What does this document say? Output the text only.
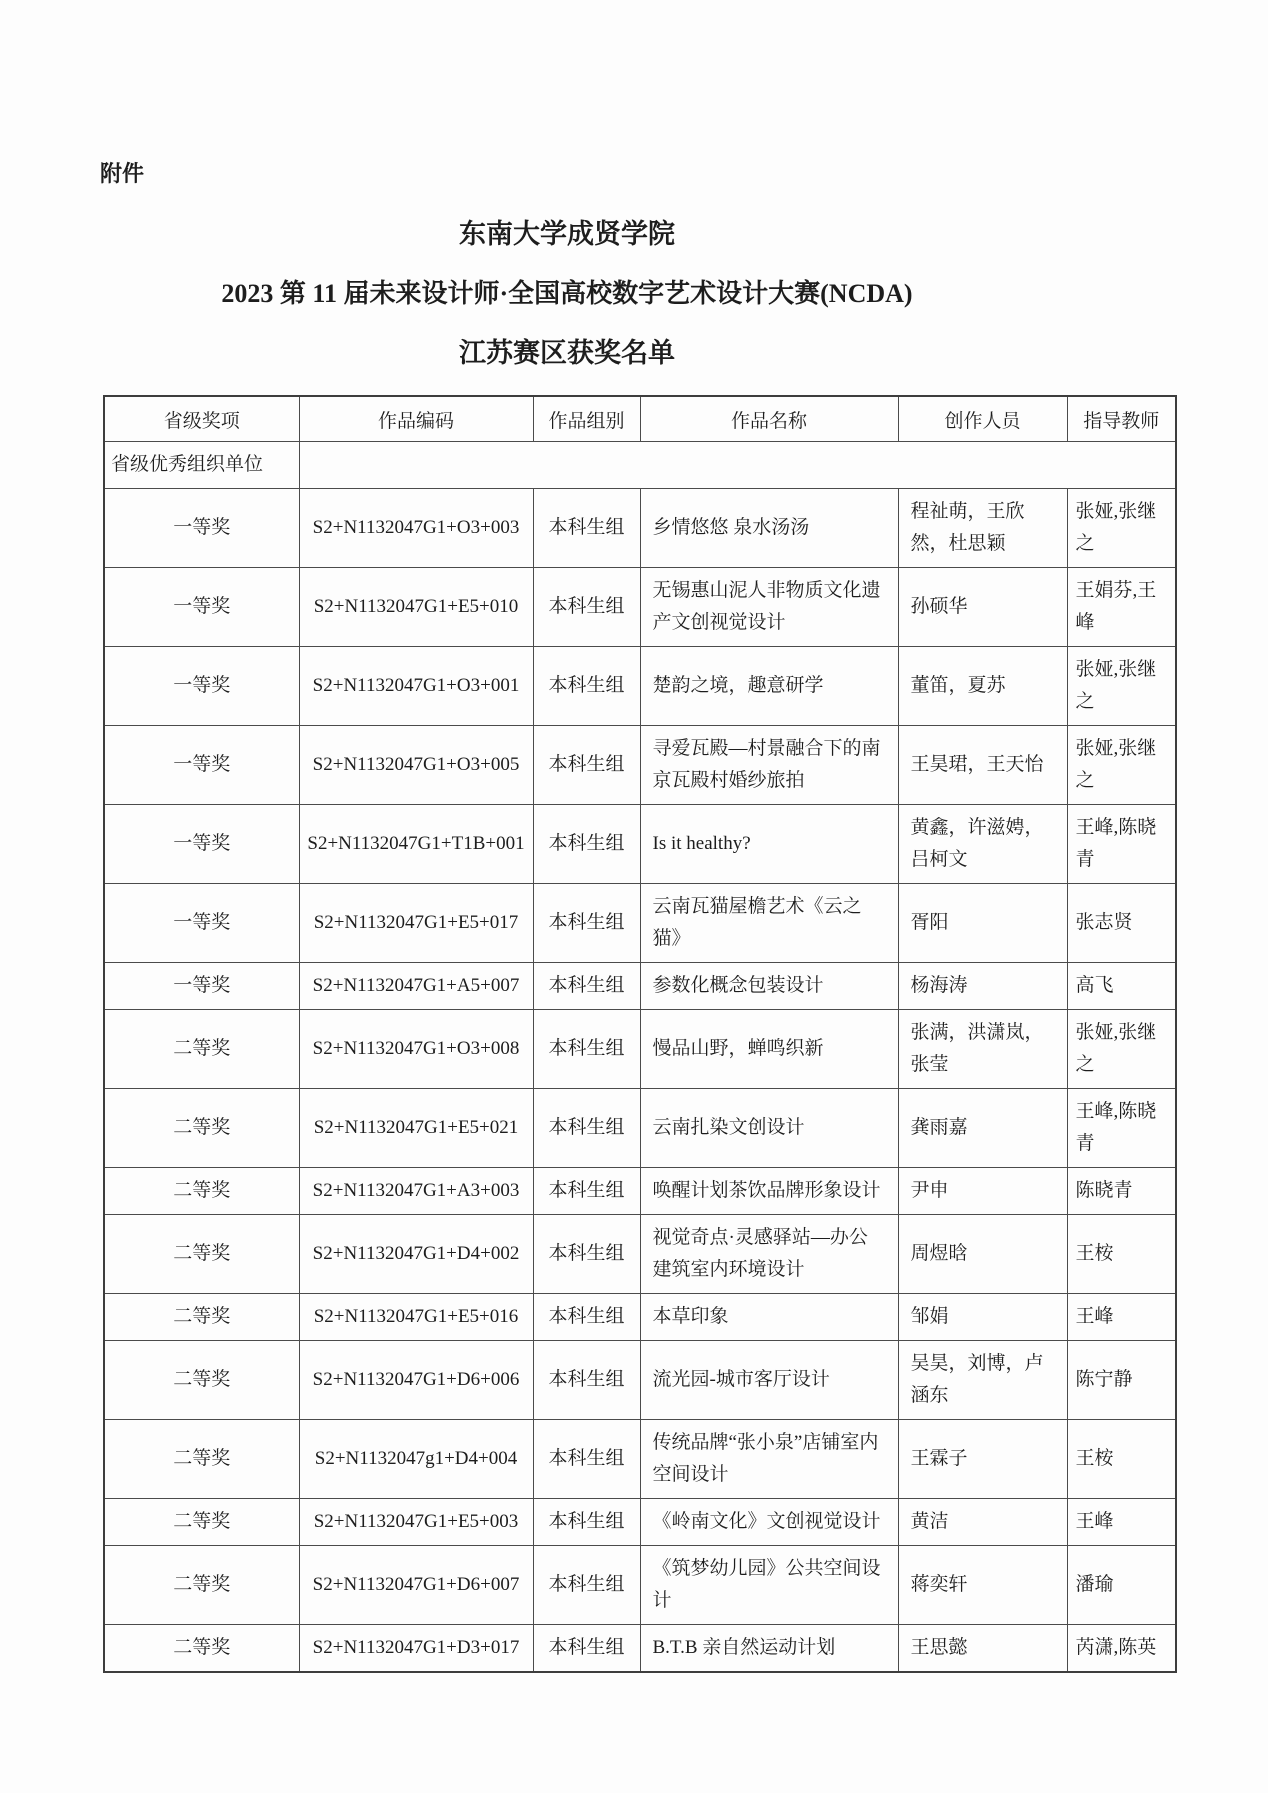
附件
东南大学成贤学院
2023 第 11 届未来设计师·全国高校数字艺术设计大赛(NCDA)
江苏赛区获奖名单
省级奖项	作品编码	作品组别	作品名称	创作人员	指导教师
省级优秀组织单位					
一等奖	S2+N1132047G1+O3+003	本科生组	乡情悠悠 泉水汤汤	程祉萌，王欣然，杜思颖	张娅,张继之
一等奖	S2+N1132047G1+E5+010	本科生组	无锡惠山泥人非物质文化遗产文创视觉设计	孙硕华	王娟芬,王峰
一等奖	S2+N1132047G1+O3+001	本科生组	楚韵之境，趣意研学	董笛，夏苏	张娅,张继之
一等奖	S2+N1132047G1+O3+005	本科生组	寻爱瓦殿—村景融合下的南京瓦殿村婚纱旅拍	王昊珺，王天怡	张娅,张继之
一等奖	S2+N1132047G1+T1B+001	本科生组	Is it healthy?	黄鑫，许滋娉，吕柯文	王峰,陈晓青
一等奖	S2+N1132047G1+E5+017	本科生组	云南瓦猫屋檐艺术《云之猫》	胥阳	张志贤
一等奖	S2+N1132047G1+A5+007	本科生组	参数化概念包装设计	杨海涛	高飞
二等奖	S2+N1132047G1+O3+008	本科生组	慢品山野，蝉鸣织新	张满，洪潇岚，张莹	张娅,张继之
二等奖	S2+N1132047G1+E5+021	本科生组	云南扎染文创设计	龚雨嘉	王峰,陈晓青
二等奖	S2+N1132047G1+A3+003	本科生组	唤醒计划茶饮品牌形象设计	尹申	陈晓青
二等奖	S2+N1132047G1+D4+002	本科生组	视觉奇点·灵感驿站—办公建筑室内环境设计	周煜晗	王桉
二等奖	S2+N1132047G1+E5+016	本科生组	本草印象	邹娟	王峰
二等奖	S2+N1132047G1+D6+006	本科生组	流光园-城市客厅设计	吴昊，刘博，卢涵东	陈宁静
二等奖	S2+N1132047g1+D4+004	本科生组	传统品牌“张小泉”店铺室内空间设计	王霖子	王桉
二等奖	S2+N1132047G1+E5+003	本科生组	《岭南文化》文创视觉设计	黄洁	王峰
二等奖	S2+N1132047G1+D6+007	本科生组	《筑梦幼儿园》公共空间设计	蒋奕轩	潘瑜
二等奖	S2+N1132047G1+D3+017	本科生组	B.T.B 亲自然运动计划	王思懿	芮潇,陈英
